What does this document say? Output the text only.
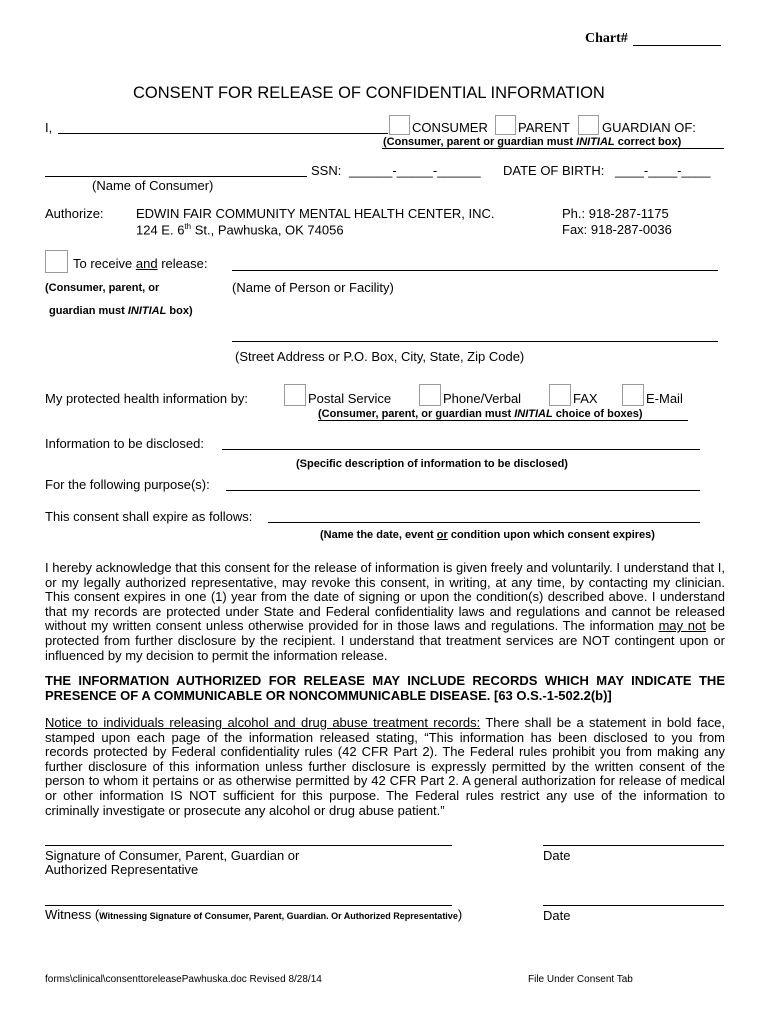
Chart#
CONSENT FOR RELEASE OF CONFIDENTIAL INFORMATION
I,	CONSUMER PARENT GUARDIAN OF:
(Consumer, parent or guardian must INITIAL correct box)
SSN: ______-_____-______ DATE OF BIRTH: ____-____-____
(Name of Consumer)
Authorize: EDWIN FAIR COMMUNITY MENTAL HEALTH CENTER, INC.
124 E. 6th St., Pawhuska, OK 74056
Ph.: 918-287-1175
Fax: 918-287-0036
To receive and release:
(Consumer, parent, or	(Name of Person or Facility)
guardian must INITIAL box)
(Street Address or P.O. Box, City, State, Zip Code)
My protected health information by:	Postal Service	Phone/Verbal	FAX	E-Mail
(Consumer, parent, or guardian must INITIAL choice of boxes)
Information to be disclosed:
(Specific description of information to be disclosed)
For the following purpose(s):
This consent shall expire as follows:
(Name the date, event or condition upon which consent expires)
I hereby acknowledge that this consent for the release of information is given freely and voluntarily. I understand that I, or my legally authorized representative, may revoke this consent, in writing, at any time, by contacting my clinician. This consent expires in one (1) year from the date of signing or upon the condition(s) described above. I understand that my records are protected under State and Federal confidentiality laws and regulations and cannot be released without my written consent unless otherwise provided for in those laws and regulations. The information may not be protected from further disclosure by the recipient. I understand that treatment services are NOT contingent upon or influenced by my decision to permit the information release.
THE INFORMATION AUTHORIZED FOR RELEASE MAY INCLUDE RECORDS WHICH MAY INDICATE THE PRESENCE OF A COMMUNICABLE OR NONCOMMUNICABLE DISEASE. [63 O.S.-1-502.2(b)]
Notice to individuals releasing alcohol and drug abuse treatment records: There shall be a statement in bold face, stamped upon each page of the information released stating, “This information has been disclosed to you from records protected by Federal confidentiality rules (42 CFR Part 2). The Federal rules prohibit you from making any further disclosure of this information unless further disclosure is expressly permitted by the written consent of the person to whom it pertains or as otherwise permitted by 42 CFR Part 2. A general authorization for release of medical or other information IS NOT sufficient for this purpose. The Federal rules restrict any use of the information to criminally investigate or prosecute any alcohol or drug abuse patient.”
Signature of Consumer, Parent, Guardian or
Authorized Representative
Date
Witness (Witnessing Signature of Consumer, Parent, Guardian. Or Authorized Representative)	Date
forms\clinical\consenttoreleasePawhuska.doc Revised 8/28/14	File Under Consent Tab
